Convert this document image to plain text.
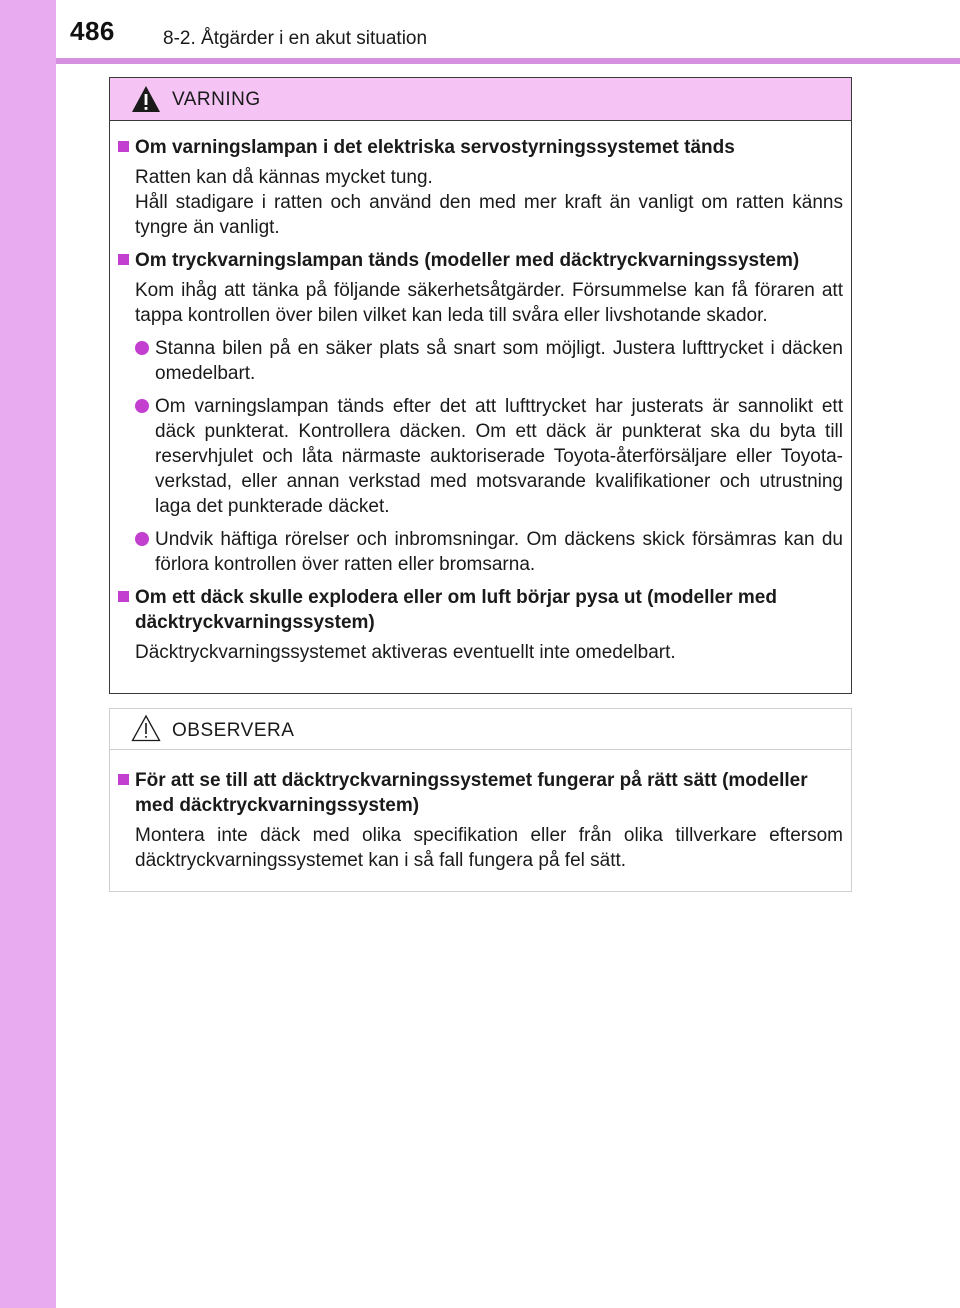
486	8-2. Åtgärder i en akut situation
VARNING
Om varningslampan i det elektriska servostyrningssystemet tänds
Ratten kan då kännas mycket tung.
Håll stadigare i ratten och använd den med mer kraft än vanligt om ratten känns tyngre än vanligt.
Om tryckvarningslampan tänds (modeller med däcktryckvarningssystem)
Kom ihåg att tänka på följande säkerhetsåtgärder. Försummelse kan få föraren att tappa kontrollen över bilen vilket kan leda till svåra eller livshotande skador.
Stanna bilen på en säker plats så snart som möjligt. Justera lufttrycket i däcken omedelbart.
Om varningslampan tänds efter det att lufttrycket har justerats är sannolikt ett däck punkterat. Kontrollera däcken. Om ett däck är punkterat ska du byta till reservhjulet och låta närmaste auktoriserade Toyota-återförsäljare eller Toyota-verkstad, eller annan verkstad med motsvarande kvalifikationer och utrustning laga det punkterade däcket.
Undvik häftiga rörelser och inbromsningar. Om däckens skick försämras kan du förlora kontrollen över ratten eller bromsarna.
Om ett däck skulle explodera eller om luft börjar pysa ut (modeller med däcktryckvarningssystem)
Däcktryckvarningssystemet aktiveras eventuellt inte omedelbart.
OBSERVERA
För att se till att däcktryckvarningssystemet fungerar på rätt sätt (modeller med däcktryckvarningssystem)
Montera inte däck med olika specifikation eller från olika tillverkare eftersom däcktryckvarningssystemet kan i så fall fungera på fel sätt.
